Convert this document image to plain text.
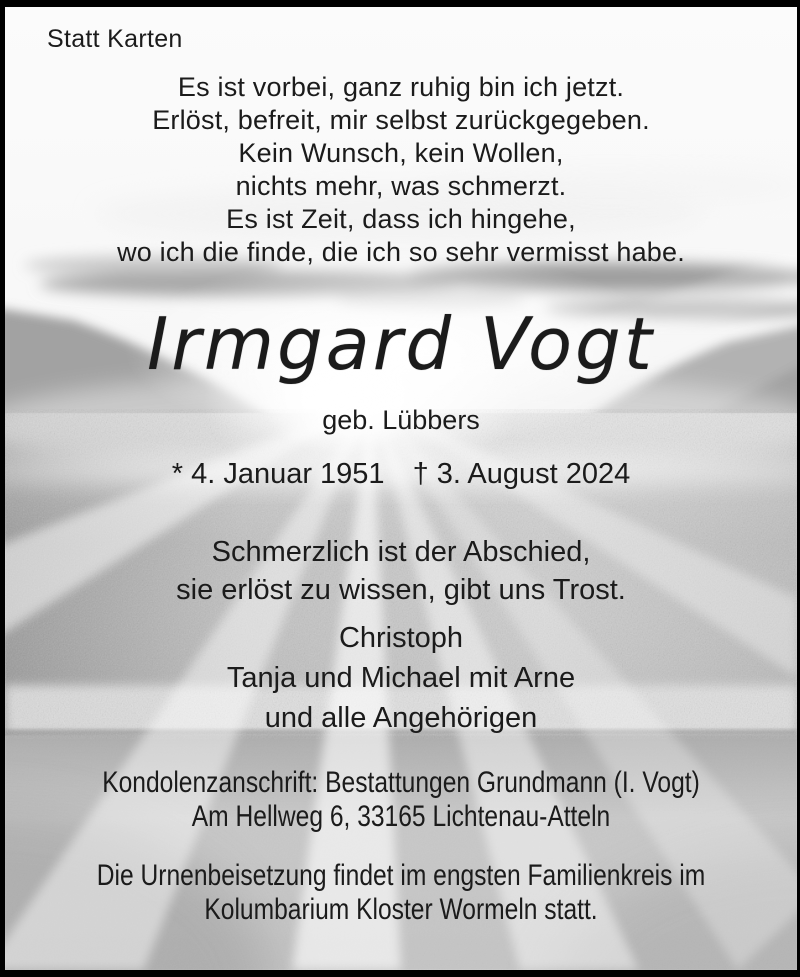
Statt Karten
Es ist vorbei, ganz ruhig bin ich jetzt.
Erlöst, befreit, mir selbst zurückgegeben.
Kein Wunsch, kein Wollen,
nichts mehr, was schmerzt.
Es ist Zeit, dass ich hingehe,
wo ich die finde, die ich so sehr vermisst habe.
Irmgard Vogt
geb. Lübbers
* 4. Januar 1951 † 3. August 2024
Schmerzlich ist der Abschied,
sie erlöst zu wissen, gibt uns Trost.
Christoph
Tanja und Michael mit Arne
und alle Angehörigen
Kondolenzanschrift: Bestattungen Grundmann (I. Vogt)
Am Hellweg 6, 33165 Lichtenau-Atteln
Die Urnenbeisetzung findet im engsten Familienkreis im
Kolumbarium Kloster Wormeln statt.
